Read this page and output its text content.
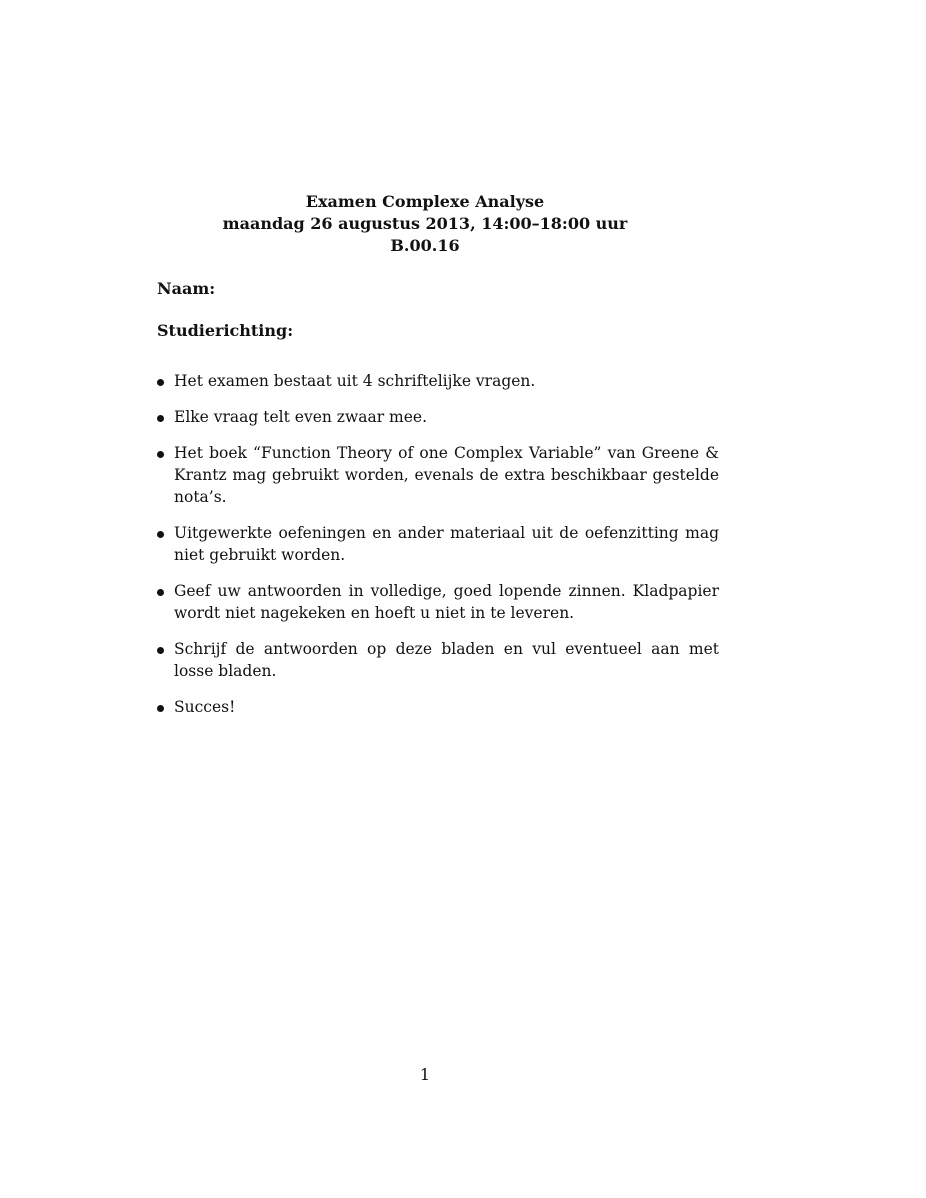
Examen Complexe Analyse
maandag 26 augustus 2013, 14:00–18:00 uur
B.00.16
Naam:
Studierichting:
Het examen bestaat uit 4 schriftelijke vragen.
Elke vraag telt even zwaar mee.
Het boek “Function Theory of one Complex Variable” van Greene & Krantz mag gebruikt worden, evenals de extra beschikbaar gestelde nota’s.
Uitgewerkte oefeningen en ander materiaal uit de oefenzitting mag niet gebruikt worden.
Geef uw antwoorden in volledige, goed lopende zinnen. Kladpapier wordt niet nagekeken en hoeft u niet in te leveren.
Schrijf de antwoorden op deze bladen en vul eventueel aan met losse bladen.
Succes!
1
